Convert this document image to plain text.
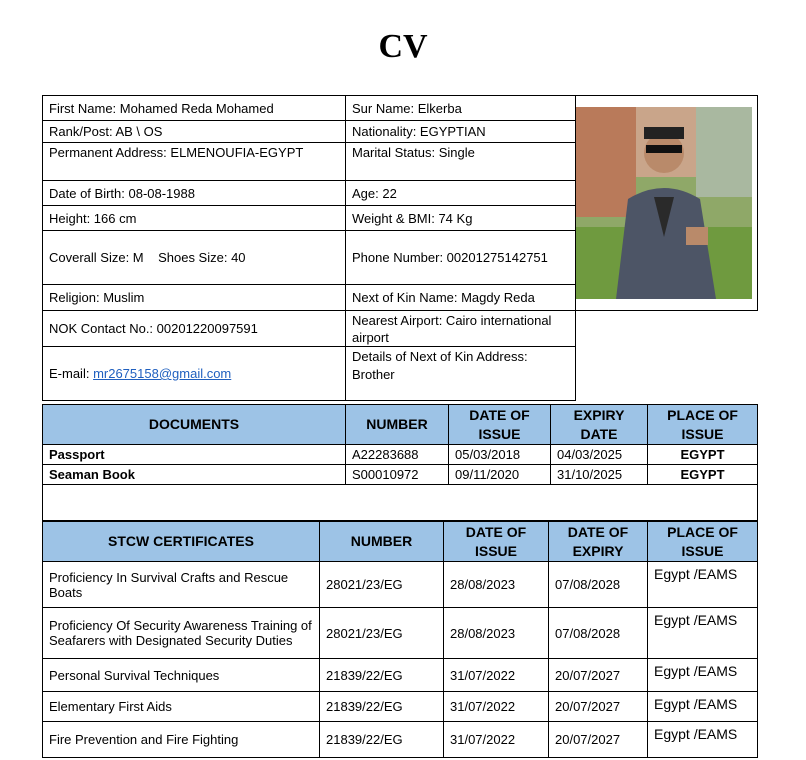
CV
First Name: Mohamed Reda Mohamed	Sur Name: Elkerba	

Rank/Post: AB \ OS	Nationality: EGYPTIAN	
Permanent Address: ELMENOUFIA-EGYPT	Marital Status: Single	
Date of Birth: 08-08-1988	Age: 22	
Height: 166 cm	Weight & BMI: 74 Kg	
Coverall Size: M    Shoes Size: 40	Phone Number: 00201275142751	
Religion: Muslim	Next of Kin Name: Magdy Reda	
NOK Contact No.: 00201220097591	Nearest Airport: Cairo international airport	
E-mail: mr2675158@gmail.com	Details of Next of Kin Address: Brother	
DOCUMENTS	NUMBER	DATE OF ISSUE	EXPIRY DATE	PLACE OF ISSUE
Passport	A22283688	05/03/2018	04/03/2025	EGYPT
Seaman Book	S00010972	09/11/2020	31/10/2025	EGYPT

STCW CERTIFICATES	NUMBER	DATE OF ISSUE	DATE OF EXPIRY	PLACE OF ISSUE
Proficiency In Survival Crafts and Rescue Boats	28021/23/EG	28/08/2023	07/08/2028	Egypt /EAMS
Proficiency Of Security Awareness Training of Seafarers with Designated Security Duties	28021/23/EG	28/08/2023	07/08/2028	Egypt /EAMS
Personal Survival Techniques	21839/22/EG	31/07/2022	20/07/2027	Egypt /EAMS
Elementary First Aids	21839/22/EG	31/07/2022	20/07/2027	Egypt /EAMS
Fire Prevention and Fire Fighting	21839/22/EG	31/07/2022	20/07/2027	Egypt /EAMS
